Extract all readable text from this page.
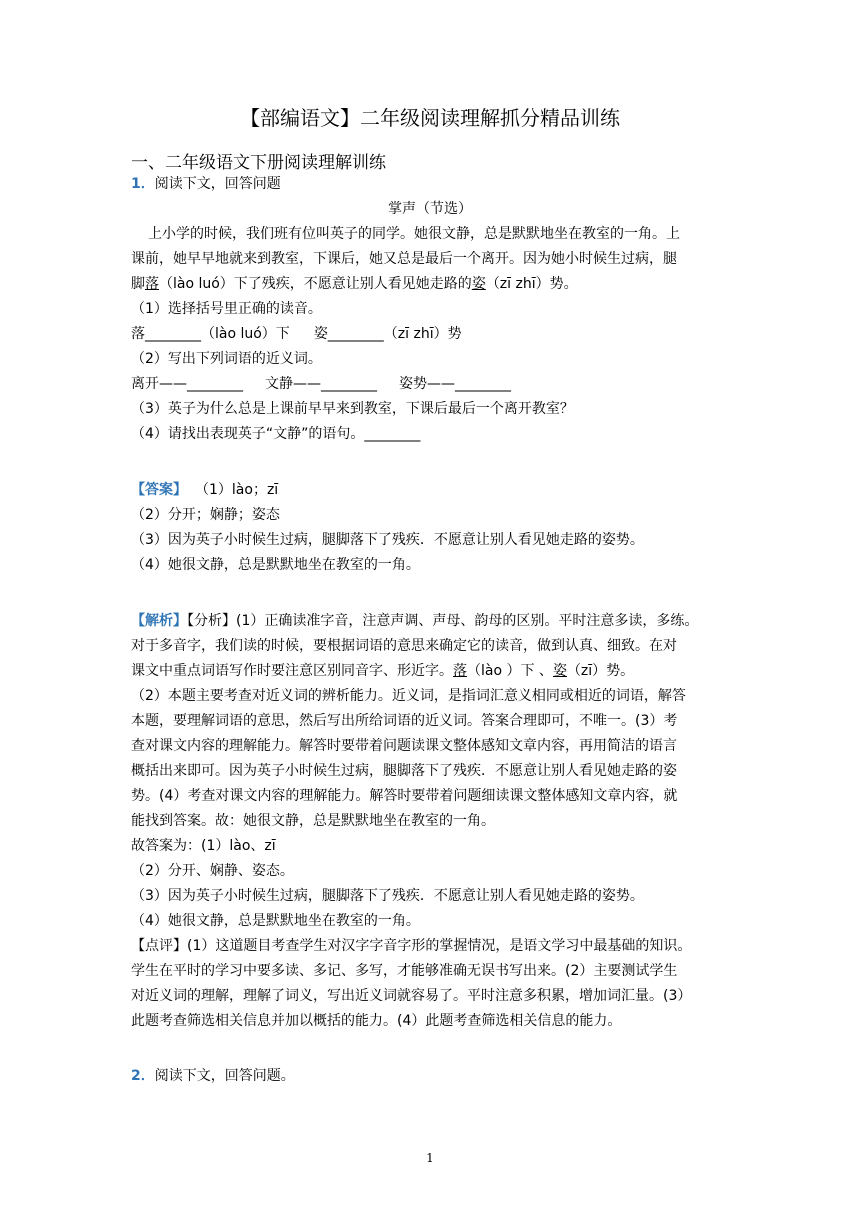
【部编语文】二年级阅读理解抓分精品训练
一、二年级语文下册阅读理解训练
1．阅读下文，回答问题
掌声（节选）
上小学的时候，我们班有位叫英子的同学。她很文静，总是默默地坐在教室的一角。上
课前，她早早地就来到教室，下课后，她又总是最后一个离开。因为她小时候生过病，腿
脚落（lào luó）下了残疾，不愿意让别人看见她走路的姿（zī zhī）势。
（1）选择括号里正确的读音。
落________（lào luó）下 姿________（zī zhī）势
（2）写出下列词语的近义词。
离开——________ 文静——________ 姿势——________
（3）英子为什么总是上课前早早来到教室，下课后最后一个离开教室？
（4）请找出表现英子“文静”的语句。________
【答案】 （1）lào；zī
（2）分开；娴静；姿态
（3）因为英子小时候生过病，腿脚落下了残疾．不愿意让别人看见她走路的姿势。
（4）她很文静，总是默默地坐在教室的一角。
【解析】【分析】(1）正确读准字音，注意声调、声母、韵母的区别。平时注意多读，多练。
对于多音字，我们读的时候，要根据词语的意思来确定它的读音，做到认真、细致。在对
课文中重点词语写作时要注意区别同音字、形近字。落（lào ）下 、姿（zī）势。
（2）本题主要考查对近义词的辨析能力。近义词，是指词汇意义相同或相近的词语，解答
本题，要理解词语的意思，然后写出所给词语的近义词。答案合理即可，不唯一。(3）考
查对课文内容的理解能力。解答时要带着问题读课文整体感知文章内容，再用简洁的语言
概括出来即可。因为英子小时候生过病，腿脚落下了残疾．不愿意让别人看见她走路的姿
势。(4）考查对课文内容的理解能力。解答时要带着问题细读课文整体感知文章内容，就
能找到答案。故：她很文静，总是默默地坐在教室的一角。
故答案为：(1）lào、zī
（2）分开、娴静、姿态。
（3）因为英子小时候生过病，腿脚落下了残疾．不愿意让别人看见她走路的姿势。
（4）她很文静，总是默默地坐在教室的一角。
【点评】(1）这道题目考查学生对汉字字音字形的掌握情况，是语文学习中最基础的知识。
学生在平时的学习中要多读、多记、多写，才能够准确无误书写出来。(2）主要测试学生
对近义词的理解，理解了词义，写出近义词就容易了。平时注意多积累，增加词汇量。(3）
此题考查筛选相关信息并加以概括的能力。(4）此题考查筛选相关信息的能力。
2．阅读下文，回答问题。
1
